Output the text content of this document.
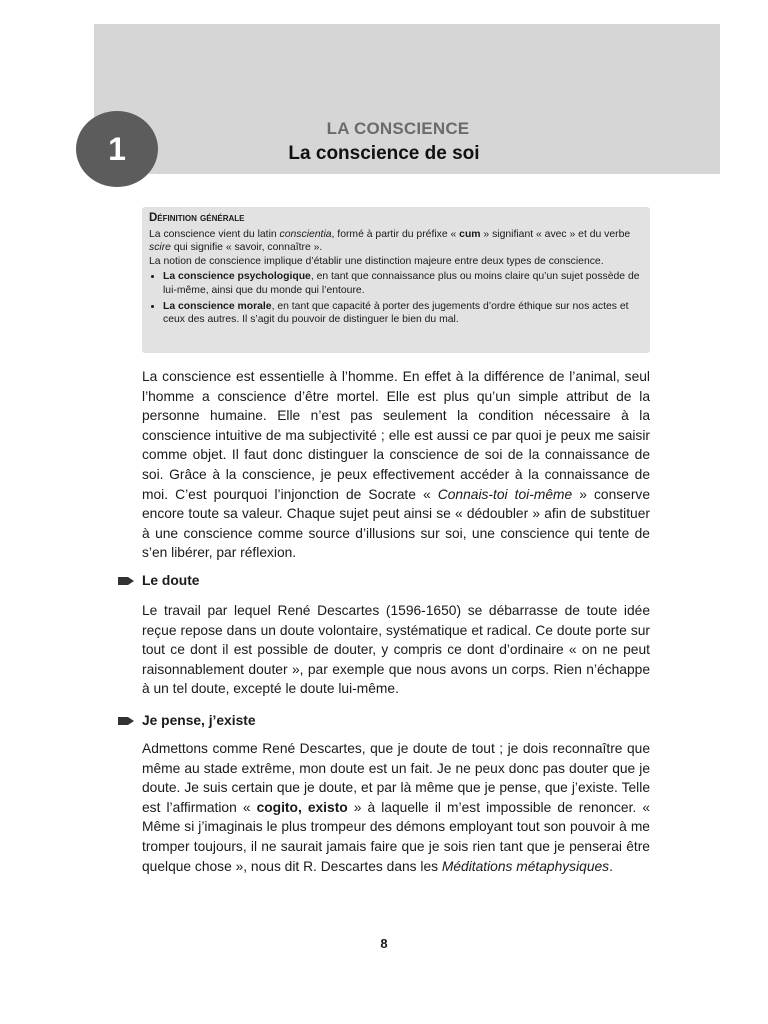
1
LA CONSCIENCE
La conscience de soi
Définition générale

La conscience vient du latin conscientia, formé à partir du préfixe « cum » signifiant « avec » et du verbe scire qui signifie « savoir, connaître ».

La notion de conscience implique d’établir une distinction majeure entre deux types de conscience.

• La conscience psychologique, en tant que connaissance plus ou moins claire qu’un sujet possède de lui-même, ainsi que du monde qui l’entoure.
• La conscience morale, en tant que capacité à porter des jugements d’ordre éthique sur nos actes et ceux des autres. Il s’agit du pouvoir de distinguer le bien du mal.

La conscience est essentielle à l’homme. En effet à la différence de l’animal, seul l’homme a conscience d’être mortel. Elle est plus qu’un simple attribut de la personne humaine. Elle n’est pas seulement la condition nécessaire à la conscience intuitive de ma subjectivité ; elle est aussi ce par quoi je peux me saisir comme objet. Il faut donc distinguer la conscience de soi de la connaissance de soi. Grâce à la conscience, je peux effectivement accéder à la connaissance de moi. C’est pourquoi l’injonction de Socrate « Connais-toi toi-même » conserve encore toute sa valeur. Chaque sujet peut ainsi se « dédoubler » afin de substituer à une conscience comme source d’illusions sur soi, une conscience qui tente de s’en libérer, par réflexion.

Le doute

Le travail par lequel René Descartes (1596-1650) se débarrasse de toute idée reçue repose dans un doute volontaire, systématique et radical. Ce doute porte sur tout ce dont il est possible de douter, y compris ce dont d’ordinaire « on ne peut raisonnablement douter », par exemple que nous avons un corps. Rien n’échappe à un tel doute, excepté le doute lui-même.

Je pense, j’existe

Admettons comme René Descartes, que je doute de tout ; je dois reconnaître que même au stade extrême, mon doute est un fait. Je ne peux donc pas douter que je doute. Je suis certain que je doute, et par là même que je pense, que j’existe. Telle est l’affirmation « cogito, existo » à laquelle il m’est impossible de renoncer. « Même si j’imaginais le plus trompeur des démons employant tout son pouvoir à me tromper toujours, il ne saurait jamais faire que je sois rien tant que je penserai être quelque chose », nous dit R. Descartes dans les Méditations métaphysiques.

8
